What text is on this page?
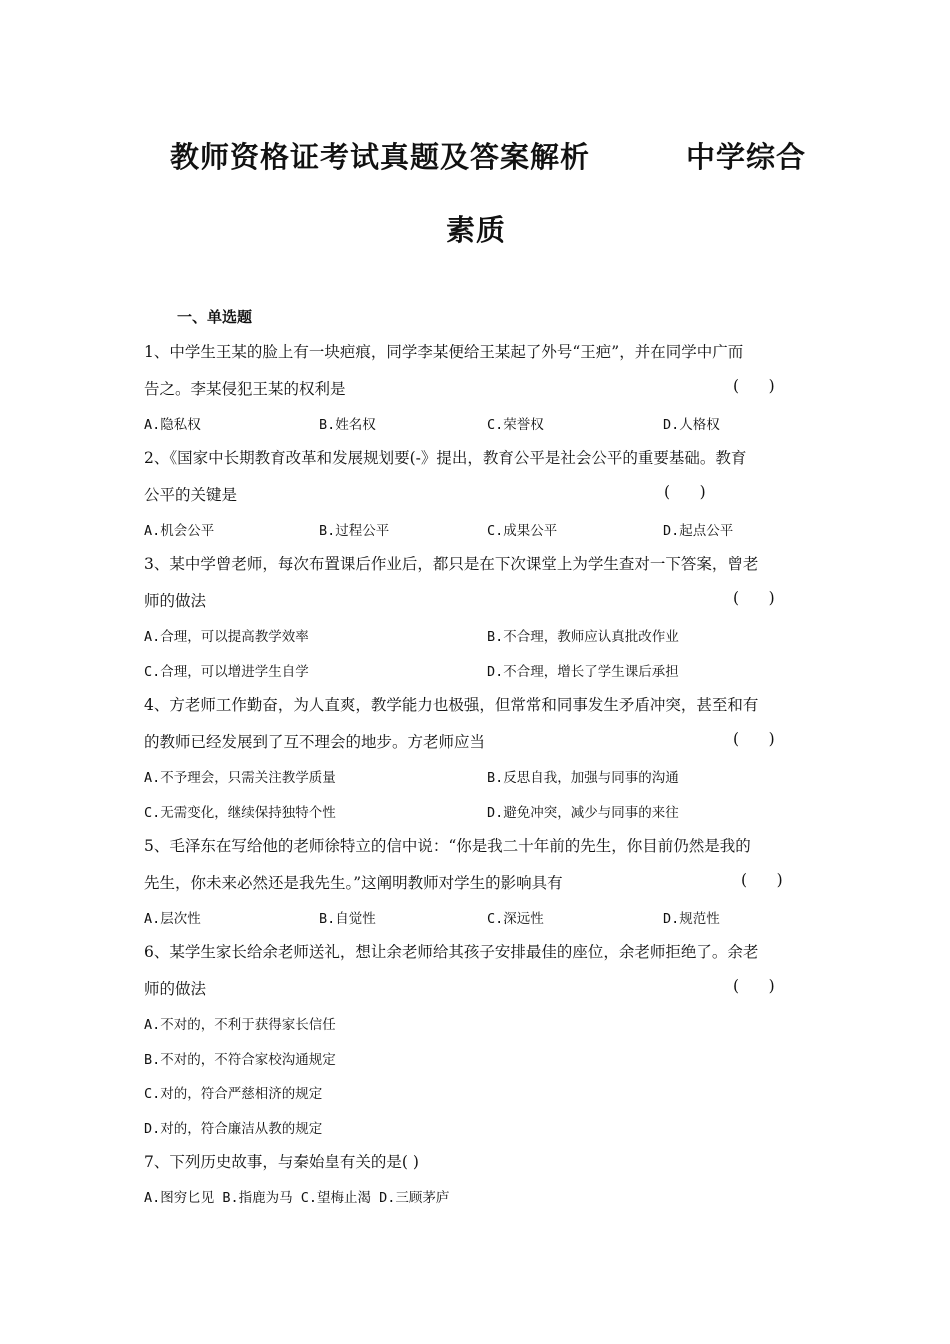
教师资格证考试真题及答案解析	中学综合
素质
一、单选题
1、中学生王某的脸上有一块疤痕，同学李某便给王某起了外号“王疤”，并在同学中广而
告之。李某侵犯王某的权利是	(      )
A.隐私权	B.姓名权	C.荣誉权	D.人格权
2、《国家中长期教育改革和发展规划要(-》提出，教育公平是社会公平的重要基础。教育
公平的关键是	(      )
A.机会公平	B.过程公平	C.成果公平	D.起点公平
3、某中学曾老师，每次布置课后作业后，都只是在下次课堂上为学生查对一下答案，曾老
师的做法	(      )
A.合理，可以提高教学效率	B.不合理，教师应认真批改作业
C.合理，可以增进学生自学	D.不合理，增长了学生课后承担
4、方老师工作勤奋，为人直爽，教学能力也极强，但常常和同事发生矛盾冲突，甚至和有
的教师已经发展到了互不理会的地步。方老师应当	(      )
A.不予理会，只需关注教学质量	B.反思自我，加强与同事的沟通
C.无需变化，继续保持独特个性	D.避免冲突，减少与同事的来往
5、毛泽东在写给他的老师徐特立的信中说：“你是我二十年前的先生，你目前仍然是我的
先生，你未来必然还是我先生。”这阐明教师对学生的影响具有	(      )
A.层次性	B.自觉性	C.深远性	D.规范性
6、某学生家长给余老师送礼，想让余老师给其孩子安排最佳的座位，余老师拒绝了。余老
师的做法	(      )
A.不对的，不利于获得家长信任
B.不对的，不符合家校沟通规定
C.对的，符合严慈相济的规定
D.对的，符合廉洁从教的规定
7、下列历史故事，与秦始皇有关的是( )
A.图穷匕见 B.指鹿为马 C.望梅止渴 D.三顾茅庐
